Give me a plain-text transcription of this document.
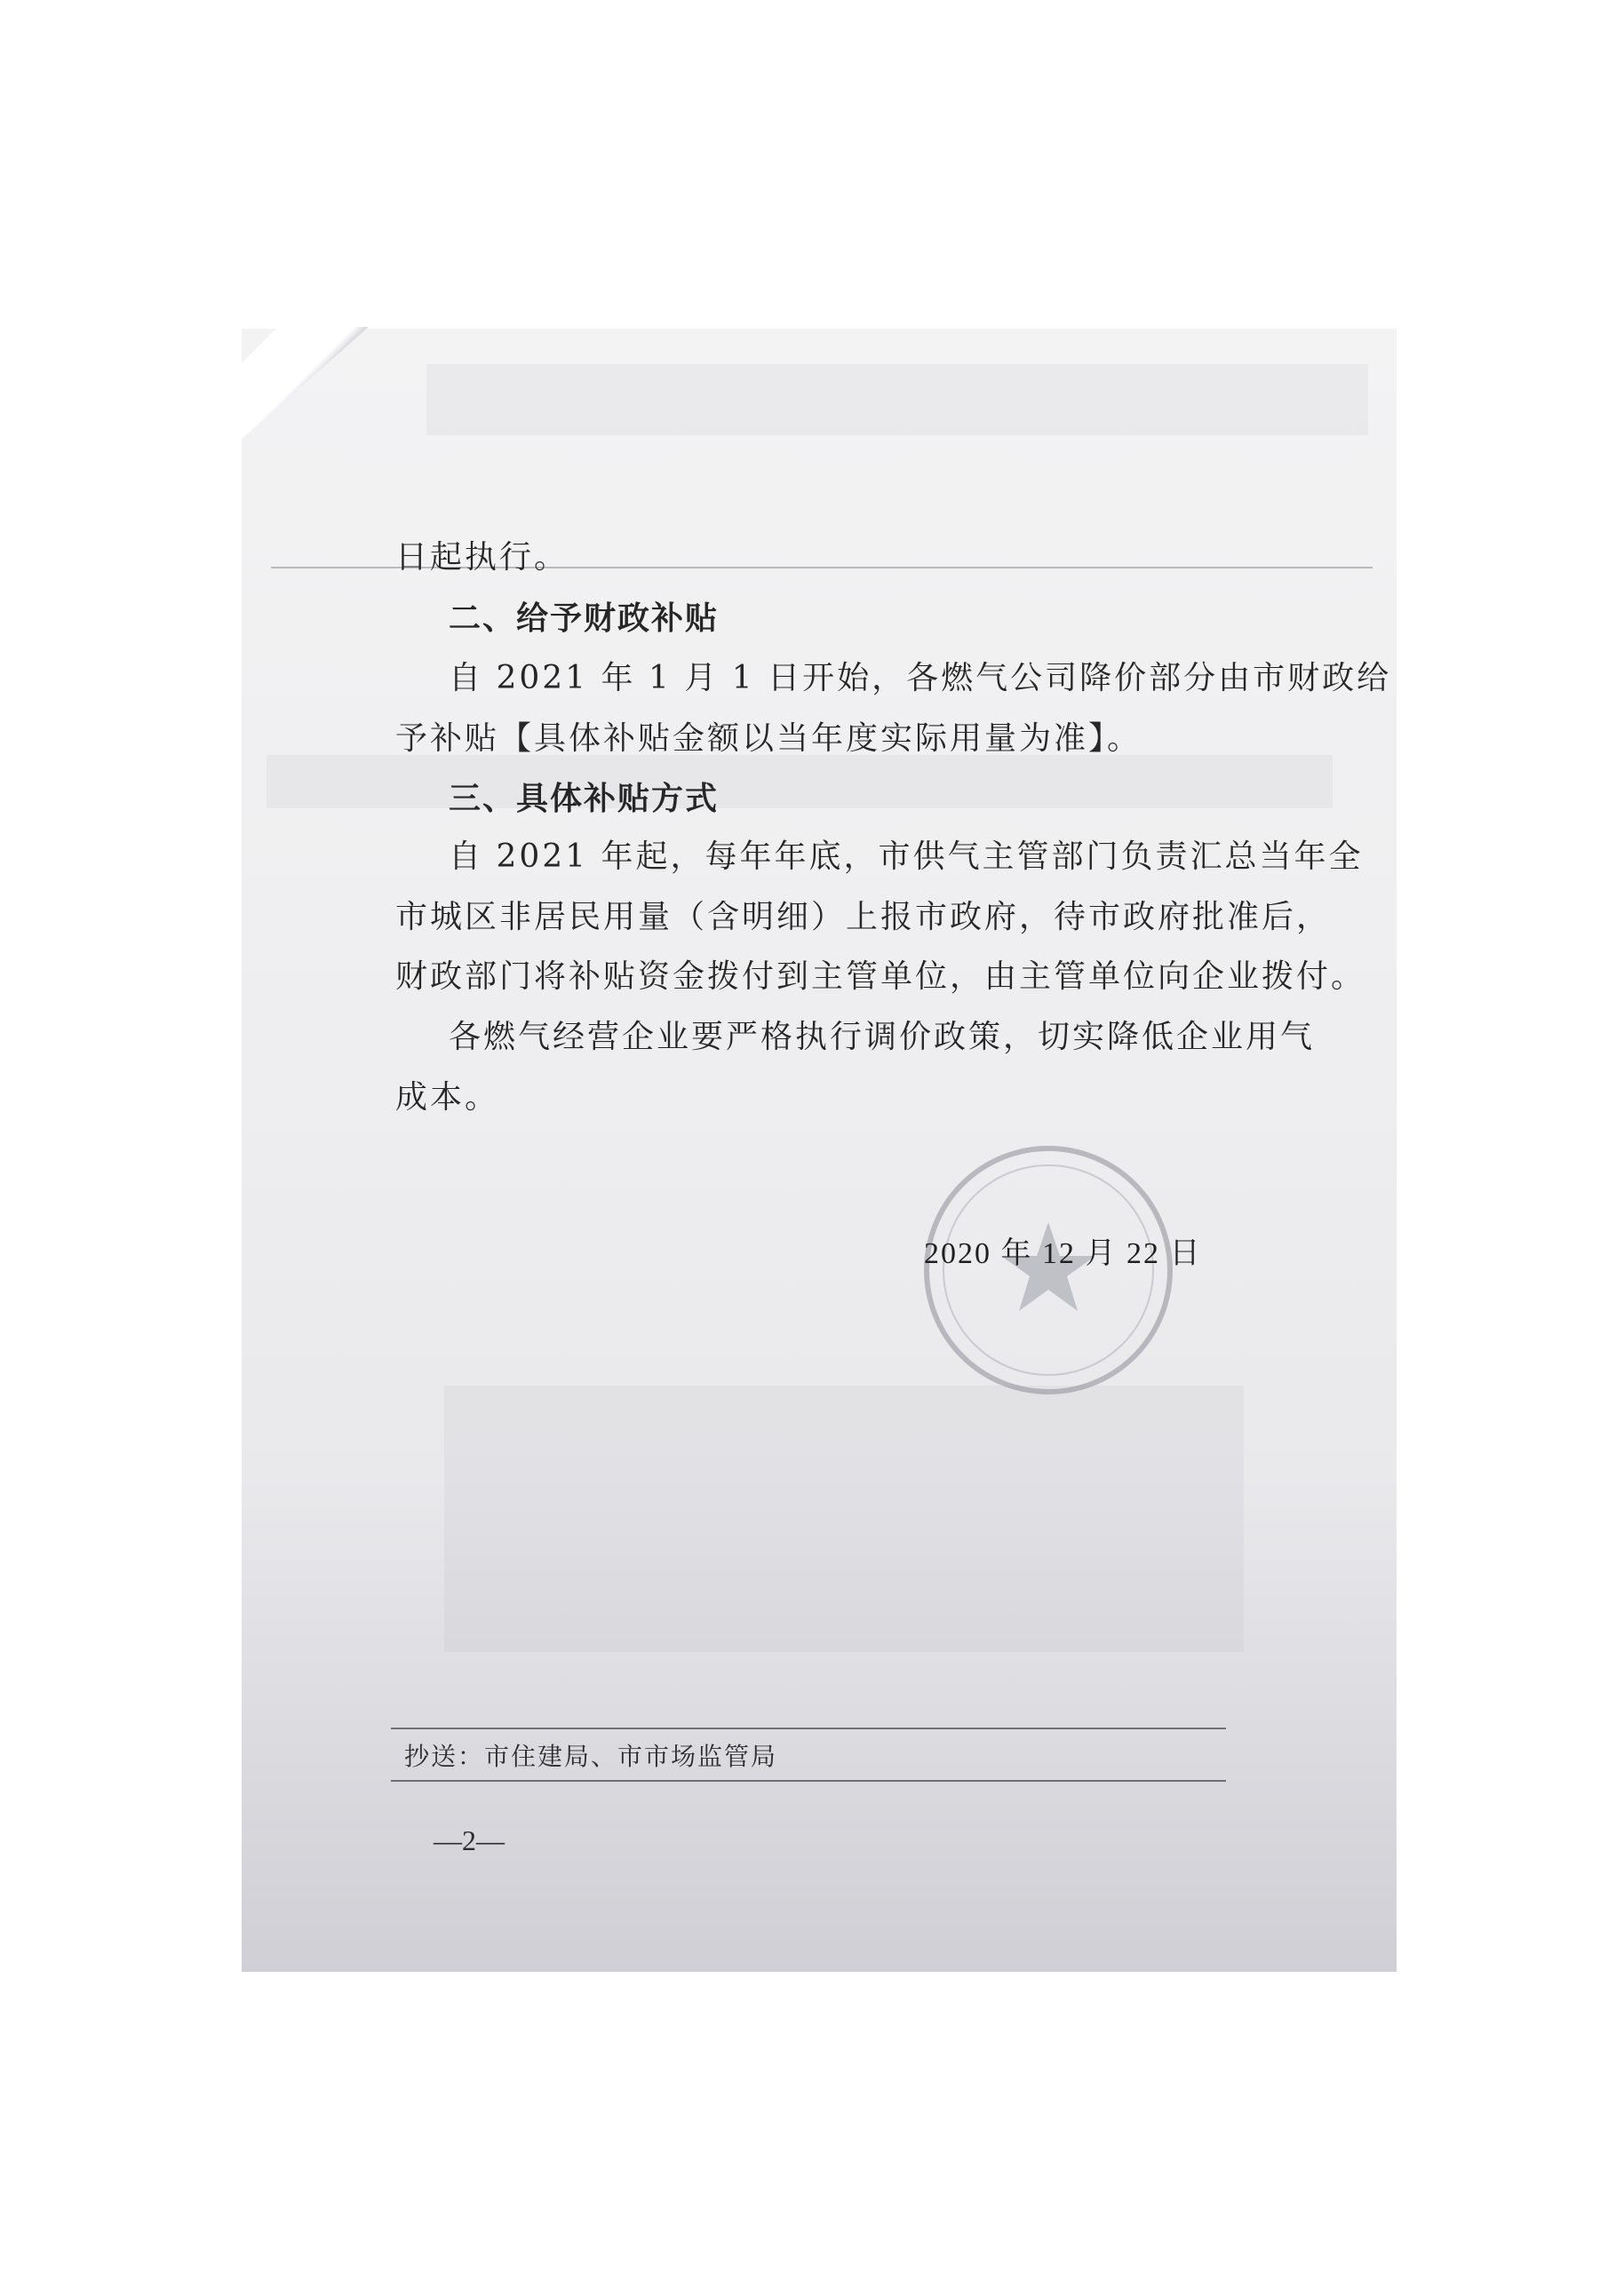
日起执行。
二、给予财政补贴
自 2021 年 1 月 1 日开始，各燃气公司降价部分由市财政给
予补贴【具体补贴金额以当年度实际用量为准】。
三、具体补贴方式
自 2021 年起，每年年底，市供气主管部门负责汇总当年全
市城区非居民用量（含明细）上报市政府，待市政府批准后，
财政部门将补贴资金拨付到主管单位，由主管单位向企业拨付。
各燃气经营企业要严格执行调价政策，切实降低企业用气
成本。
2020 年 12 月 22 日
抄送：市住建局、市市场监管局
—2—
